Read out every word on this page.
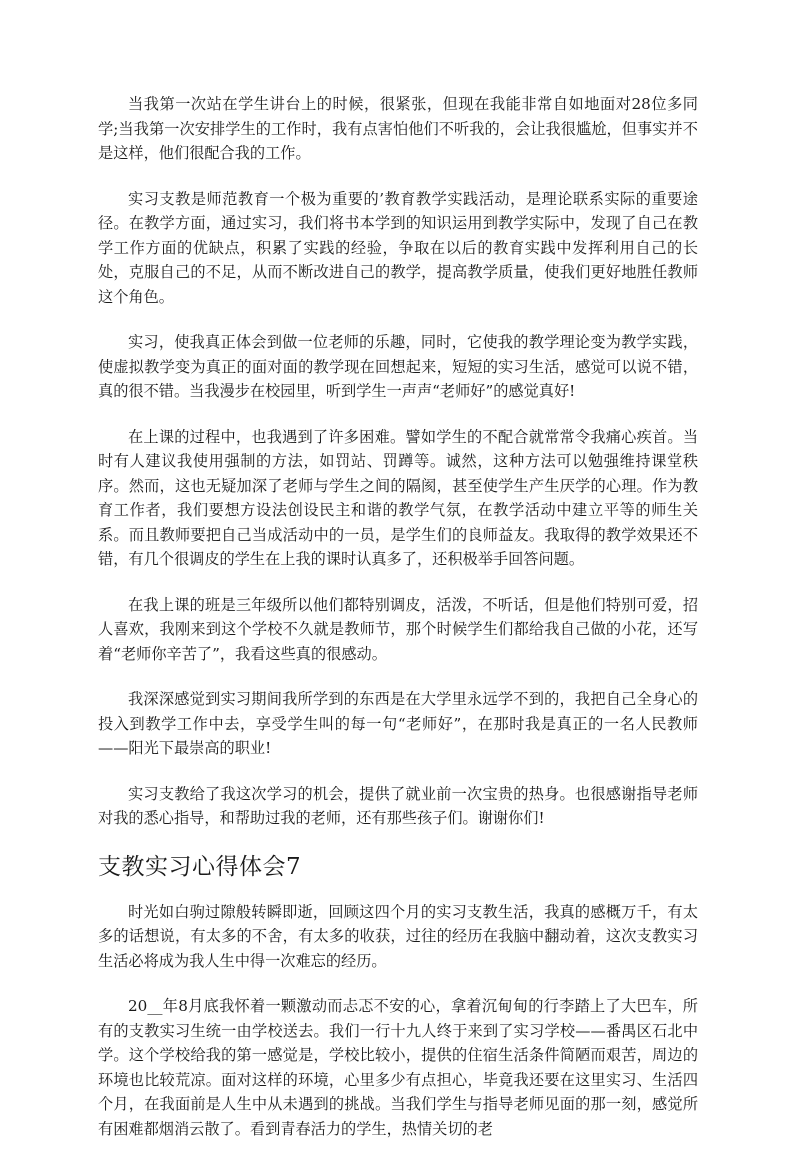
当我第一次站在学生讲台上的时候，很紧张，但现在我能非常自如地面对28位多同学;当我第一次安排学生的工作时，我有点害怕他们不听我的，会让我很尴尬，但事实并不是这样，他们很配合我的工作。

实习支教是师范教育一个极为重要的’教育教学实践活动，是理论联系实际的重要途径。在教学方面，通过实习，我们将书本学到的知识运用到教学实际中，发现了自己在教学工作方面的优缺点，积累了实践的经验，争取在以后的教育实践中发挥利用自己的长处，克服自己的不足，从而不断改进自己的教学，提高教学质量，使我们更好地胜任教师这个角色。

实习，使我真正体会到做一位老师的乐趣，同时，它使我的教学理论变为教学实践，使虚拟教学变为真正的面对面的教学现在回想起来，短短的实习生活，感觉可以说不错，真的很不错。当我漫步在校园里，听到学生一声声“老师好”的感觉真好!

在上课的过程中，也我遇到了许多困难。譬如学生的不配合就常常令我痛心疾首。当时有人建议我使用强制的方法，如罚站、罚蹲等。诚然，这种方法可以勉强维持课堂秩序。然而，这也无疑加深了老师与学生之间的隔阂，甚至使学生产生厌学的心理。作为教育工作者，我们要想方设法创设民主和谐的教学气氛，在教学活动中建立平等的师生关系。而且教师要把自己当成活动中的一员，是学生们的良师益友。我取得的教学效果还不错，有几个很调皮的学生在上我的课时认真多了，还积极举手回答问题。

在我上课的班是三年级所以他们都特别调皮，活泼，不听话，但是他们特别可爱，招人喜欢，我刚来到这个学校不久就是教师节，那个时候学生们都给我自己做的小花，还写着“老师你辛苦了”，我看这些真的很感动。

我深深感觉到实习期间我所学到的东西是在大学里永远学不到的，我把自己全身心的投入到教学工作中去，享受学生叫的每一句“老师好”，在那时我是真正的一名人民教师——阳光下最崇高的职业!

实习支教给了我这次学习的机会，提供了就业前一次宝贵的热身。也很感谢指导老师对我的悉心指导，和帮助过我的老师，还有那些孩子们。谢谢你们!

支教实习心得体会7

时光如白驹过隙般转瞬即逝，回顾这四个月的实习支教生活，我真的感概万千，有太多的话想说，有太多的不舍，有太多的收获，过往的经历在我脑中翻动着，这次支教实习生活必将成为我人生中得一次难忘的经历。

20__年8月底我怀着一颗激动而忐忑不安的心，拿着沉甸甸的行李踏上了大巴车，所有的支教实习生统一由学校送去。我们一行十九人终于来到了实习学校——番禺区石北中学。这个学校给我的第一感觉是，学校比较小，提供的住宿生活条件简陋而艰苦，周边的环境也比较荒凉。面对这样的环境，心里多少有点担心，毕竟我还要在这里实习、生活四个月，在我面前是人生中从未遇到的挑战。当我们学生与指导老师见面的那一刻，感觉所有困难都烟消云散了。看到青春活力的学生，热情关切的老
